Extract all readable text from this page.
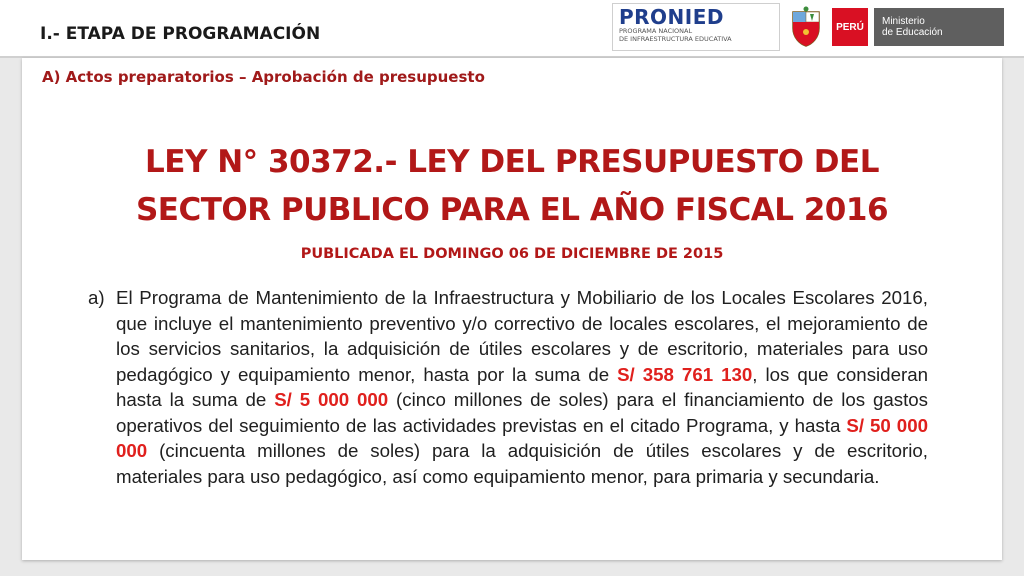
I.- ETAPA DE PROGRAMACIÓN
PRONIED
PROGRAMA NACIONAL
DE INFRAESTRUCTURA EDUCATIVA
PERÚ	Ministerio
de Educación
A) Actos preparatorios – Aprobación de presupuesto
LEY N° 30372.- LEY DEL PRESUPUESTO DEL
SECTOR PUBLICO PARA EL AÑO FISCAL 2016
PUBLICADA EL DOMINGO 06 DE DICIEMBRE DE 2015
a) El Programa de Mantenimiento de la Infraestructura y Mobiliario de los Locales Escolares 2016, que incluye el mantenimiento preventivo y/o correctivo de locales escolares, el mejoramiento de los servicios sanitarios, la adquisición de útiles escolares y de escritorio, materiales para uso pedagógico y equipamiento menor, hasta por la suma de S/ 358 761 130, los que consideran hasta la suma de S/ 5 000 000 (cinco millones de soles) para el financiamiento de los gastos operativos del seguimiento de las actividades previstas en el citado Programa, y hasta S/ 50 000 000 (cincuenta millones de soles) para la adquisición de útiles escolares y de escritorio, materiales para uso pedagógico, así como equipamiento menor, para primaria y secundaria.
